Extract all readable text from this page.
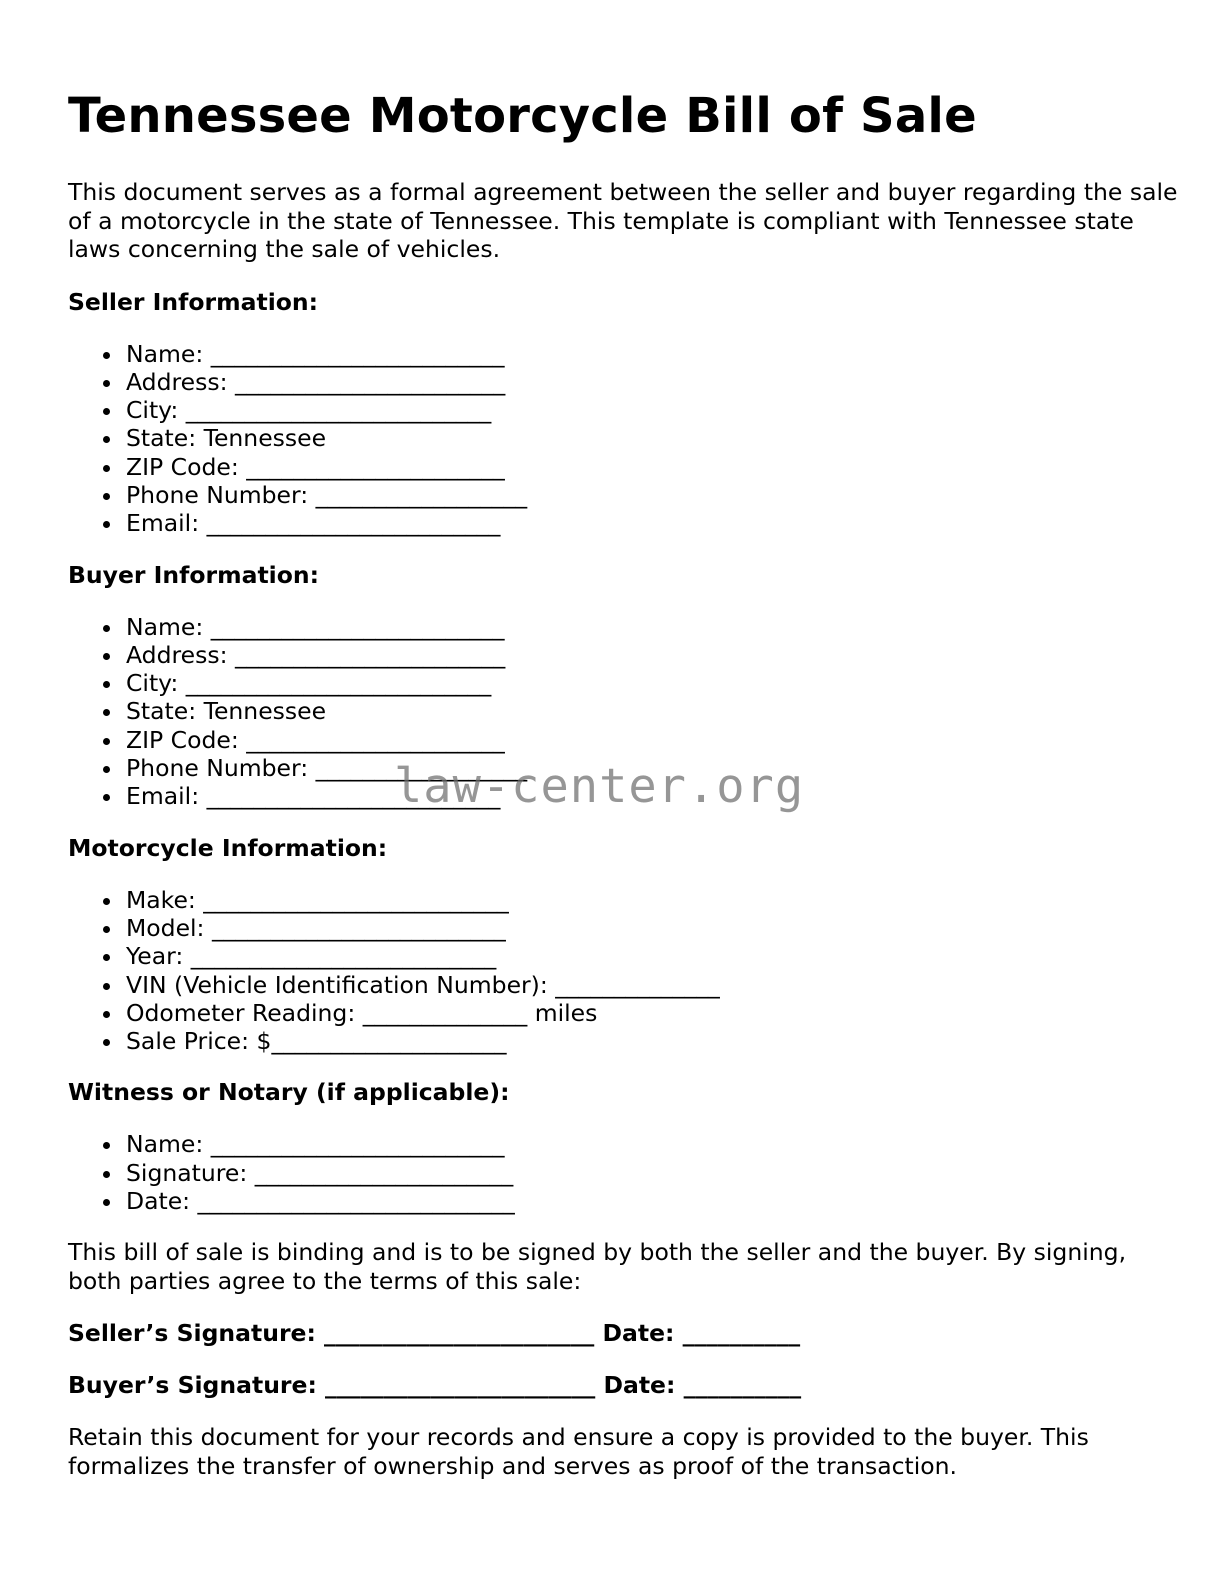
Tennessee Motorcycle Bill of Sale

This document serves as a formal agreement between the seller and buyer regarding the sale of a motorcycle in the state of Tennessee. This template is compliant with Tennessee state laws concerning the sale of vehicles.

Seller Information:
Name: _________________________
Address: _______________________
City: __________________________
State: Tennessee
ZIP Code: ______________________
Phone Number: __________________
Email: _________________________
Buyer Information:
Name: _________________________
Address: _______________________
City: __________________________
State: Tennessee
ZIP Code: ______________________
Phone Number: __________________
Email: _________________________
Motorcycle Information:
Make: __________________________
Model: _________________________
Year: __________________________
VIN (Vehicle Identification Number): ______________
Odometer Reading: ______________ miles
Sale Price: $____________________
Witness or Notary (if applicable):
Name: _________________________
Signature: ______________________
Date: ___________________________

This bill of sale is binding and is to be signed by both the seller and the buyer. By signing, both parties agree to the terms of this sale:

Seller’s Signature: _______________________ Date: __________
Buyer’s Signature: _______________________ Date: __________

Retain this document for your records and ensure a copy is provided to the buyer. This formalizes the transfer of ownership and serves as proof of the transaction.

law-center.org
